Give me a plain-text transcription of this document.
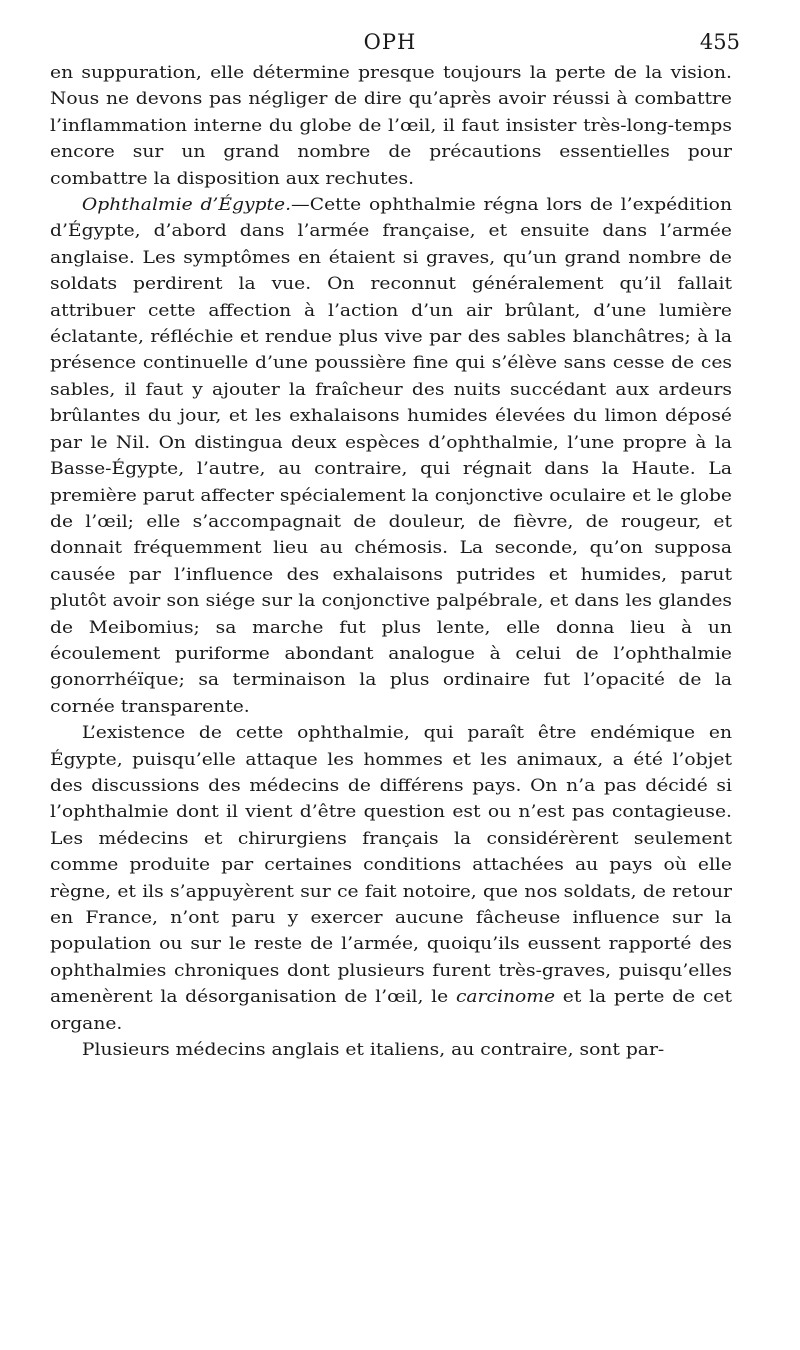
OPH	455

en suppuration, elle détermine presque toujours la perte de la vision. Nous ne devons pas négliger de dire qu’après avoir réussi à combattre l’inflammation interne du globe de l’œil, il faut insister très-long-temps encore sur un grand nombre de précautions essentielles pour combattre la disposition aux rechutes.

Ophthalmie d’Égypte.—Cette ophthalmie régna lors de l’expédition d’Égypte, d’abord dans l’armée française, et ensuite dans l’armée anglaise. Les symptômes en étaient si graves, qu’un grand nombre de soldats perdirent la vue. On reconnut généralement qu’il fallait attribuer cette affection à l’action d’un air brûlant, d’une lumière éclatante, réfléchie et rendue plus vive par des sables blanchâtres; à la présence continuelle d’une poussière fine qui s’élève sans cesse de ces sables, il faut y ajouter la fraîcheur des nuits succédant aux ardeurs brûlantes du jour, et les exhalaisons humides élevées du limon déposé par le Nil. On distingua deux espèces d’ophthalmie, l’une propre à la Basse-Égypte, l’autre, au contraire, qui régnait dans la Haute. La première parut affecter spécialement la conjonctive oculaire et le globe de l’œil; elle s’accompagnait de douleur, de fièvre, de rougeur, et donnait fréquemment lieu au chémosis. La seconde, qu’on supposa causée par l’influence des exhalaisons putrides et humides, parut plutôt avoir son siége sur la conjonctive palpébrale, et dans les glandes de Meibomius; sa marche fut plus lente, elle donna lieu à un écoulement puriforme abondant analogue à celui de l’ophthalmie gonorrhéïque; sa terminaison la plus ordinaire fut l’opacité de la cornée transparente.

L’existence de cette ophthalmie, qui paraît être endémique en Égypte, puisqu’elle attaque les hommes et les animaux, a été l’objet des discussions des médecins de différens pays. On n’a pas décidé si l’ophthalmie dont il vient d’être question est ou n’est pas contagieuse. Les médecins et chirurgiens français la considérèrent seulement comme produite par certaines conditions attachées au pays où elle règne, et ils s’appuyèrent sur ce fait notoire, que nos soldats, de retour en France, n’ont paru y exercer aucune fâcheuse influence sur la population ou sur le reste de l’armée, quoiqu’ils eussent rapporté des ophthalmies chroniques dont plusieurs furent très-graves, puisqu’elles amenèrent la désorganisation de l’œil, le carcinome et la perte de cet organe.

Plusieurs médecins anglais et italiens, au contraire, sont par-
